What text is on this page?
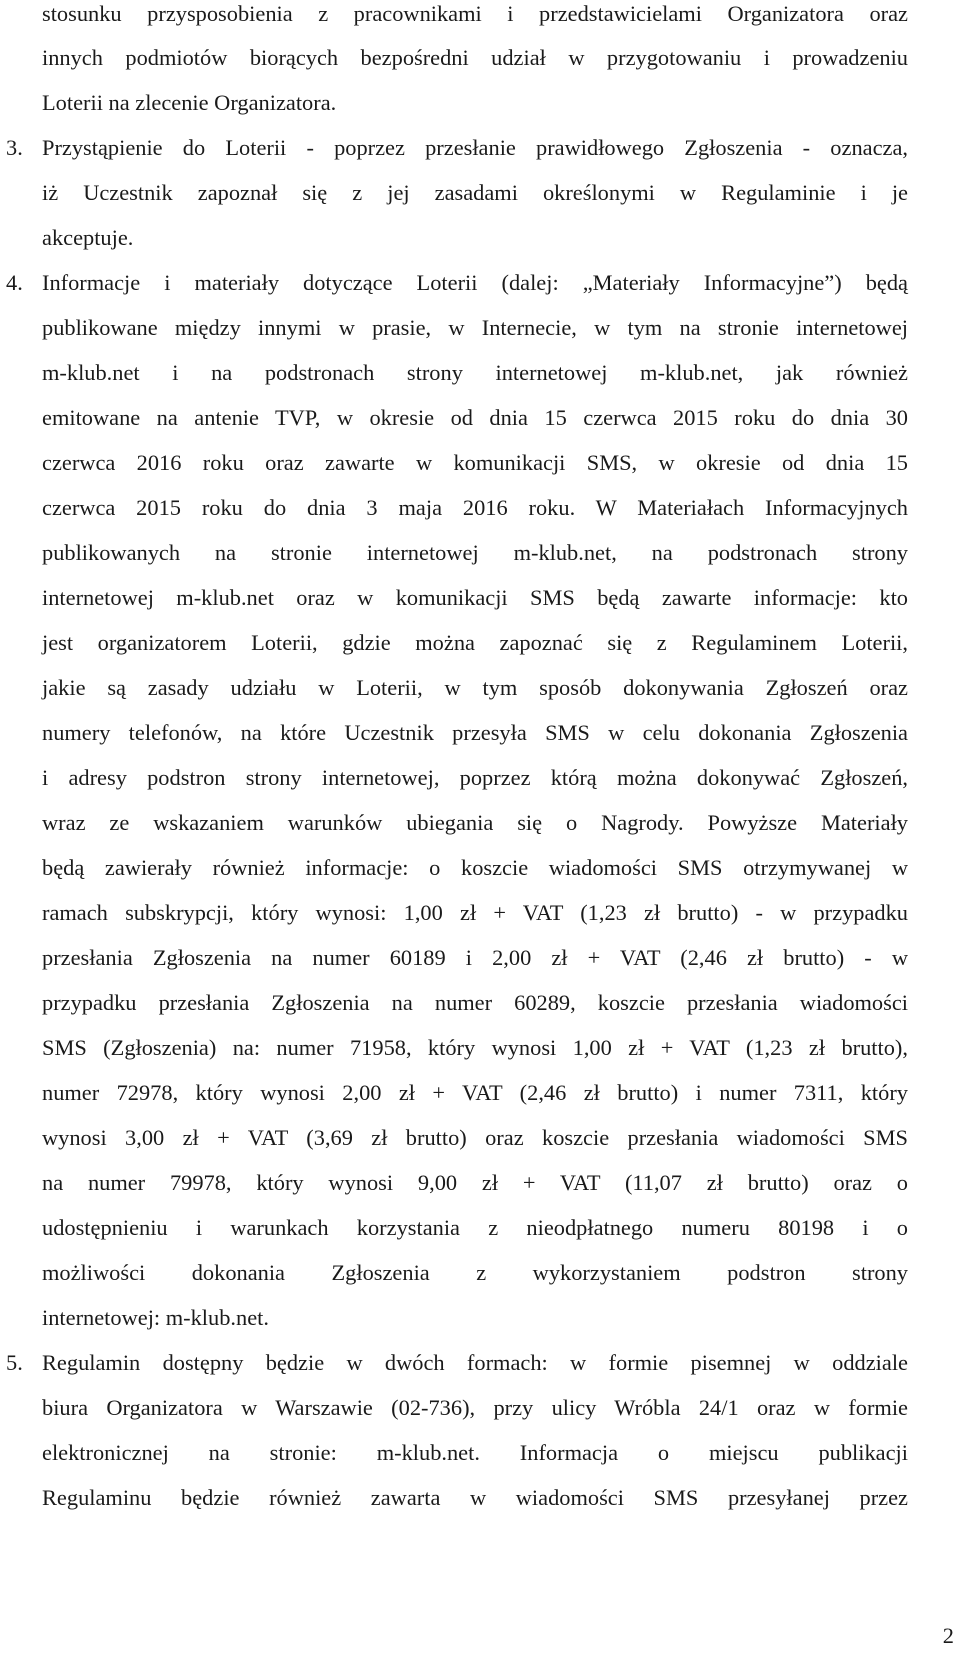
stosunku przysposobienia z pracownikami i przedstawicielami Organizatora oraz
innych podmiotów biorących bezpośredni udział w przygotowaniu i prowadzeniu
Loterii na zlecenie Organizatora.
3. Przystąpienie do Loterii - poprzez przesłanie prawidłowego Zgłoszenia - oznacza,
iż Uczestnik zapoznał się z jej zasadami określonymi w Regulaminie i je
akceptuje.
4. Informacje i materiały dotyczące Loterii (dalej: „Materiały Informacyjne”) będą
publikowane między innymi w prasie, w Internecie, w tym na stronie internetowej
m-klub.net i na podstronach strony internetowej m-klub.net, jak również
emitowane na antenie TVP, w okresie od dnia 15 czerwca 2015 roku do dnia 30
czerwca 2016 roku oraz zawarte w komunikacji SMS, w okresie od dnia 15
czerwca 2015 roku do dnia 3 maja 2016 roku. W Materiałach Informacyjnych
publikowanych na stronie internetowej m-klub.net, na podstronach strony
internetowej m-klub.net oraz w komunikacji SMS będą zawarte informacje: kto
jest organizatorem Loterii, gdzie można zapoznać się z Regulaminem Loterii,
jakie są zasady udziału w Loterii, w tym sposób dokonywania Zgłoszeń oraz
numery telefonów, na które Uczestnik przesyła SMS w celu dokonania Zgłoszenia
i adresy podstron strony internetowej, poprzez którą można dokonywać Zgłoszeń,
wraz ze wskazaniem warunków ubiegania się o Nagrody. Powyższe Materiały
będą zawierały również informacje: o koszcie wiadomości SMS otrzymywanej w
ramach subskrypcji, który wynosi: 1,00 zł + VAT (1,23 zł brutto) - w przypadku
przesłania Zgłoszenia na numer 60189 i 2,00 zł + VAT (2,46 zł brutto) - w
przypadku przesłania Zgłoszenia na numer 60289, koszcie przesłania wiadomości
SMS (Zgłoszenia) na: numer 71958, który wynosi 1,00 zł + VAT (1,23 zł brutto),
numer 72978, który wynosi 2,00 zł + VAT (2,46 zł brutto) i numer 7311, który
wynosi 3,00 zł + VAT (3,69 zł brutto) oraz koszcie przesłania wiadomości SMS
na numer 79978, który wynosi 9,00 zł + VAT (11,07 zł brutto) oraz o
udostępnieniu i warunkach korzystania z nieodpłatnego numeru 80198 i o
możliwości dokonania Zgłoszenia z wykorzystaniem podstron strony
internetowej: m-klub.net.
5. Regulamin dostępny będzie w dwóch formach: w formie pisemnej w oddziale
biura Organizatora w Warszawie (02-736), przy ulicy Wróbla 24/1 oraz w formie
elektronicznej na stronie: m-klub.net. Informacja o miejscu publikacji
Regulaminu będzie również zawarta w wiadomości SMS przesyłanej przez
2
